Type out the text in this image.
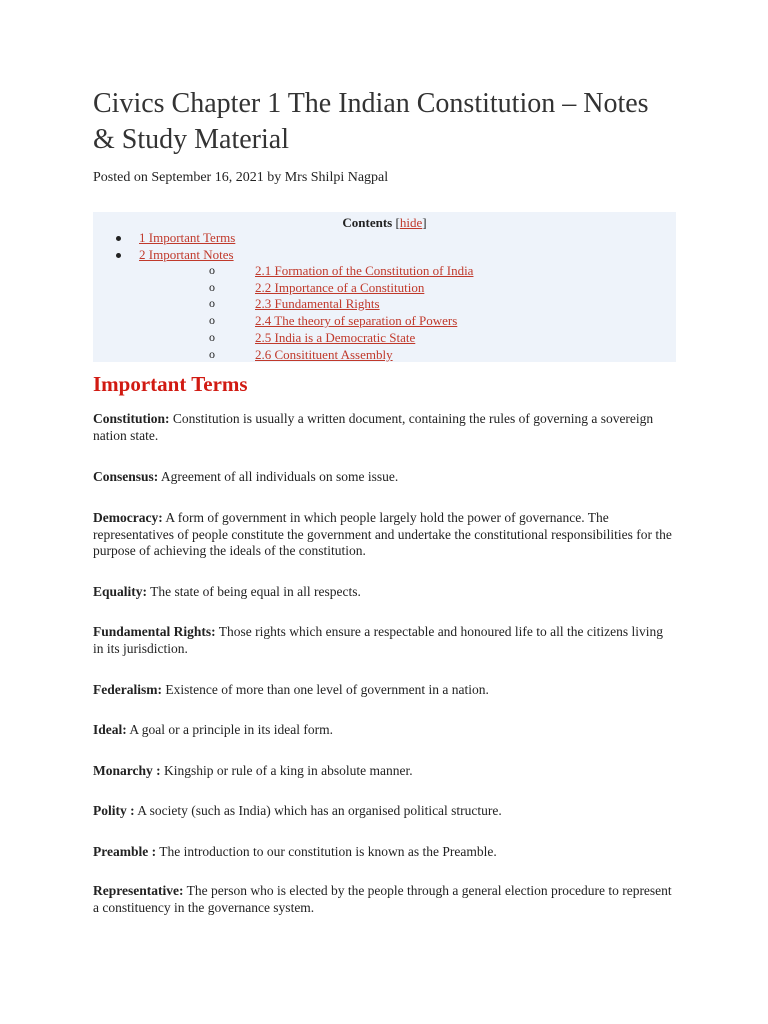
Civics Chapter 1 The Indian Constitution – Notes & Study Material
Posted on September 16, 2021 by Mrs Shilpi Nagpal
Contents [hide]
1 Important Terms
2 Important Notes
o	2.1 Formation of the Constitution of India
o	2.2 Importance of a Constitution
o	2.3 Fundamental Rights
o	2.4 The theory of separation of Powers
o	2.5 India is a Democratic State
o	2.6 Consitituent Assembly
Important Terms

Constitution: Constitution is usually a written document, containing the rules of governing a sovereign nation state.

Consensus: Agreement of all individuals on some issue.

Democracy: A form of government in which people largely hold the power of governance. The representatives of people constitute the government and undertake the constitutional responsibilities for the purpose of achieving the ideals of the constitution.

Equality: The state of being equal in all respects.

Fundamental Rights: Those rights which ensure a respectable and honoured life to all the citizens living in its jurisdiction.

Federalism: Existence of more than one level of government in a nation.

Ideal: A goal or a principle in its ideal form.

Monarchy : Kingship or rule of a king in absolute manner.

Polity : A society (such as India) which has an organised political structure.

Preamble : The introduction to our constitution is known as the Preamble.

Representative: The person who is elected by the people through a general election procedure to represent a constituency in the governance system.
